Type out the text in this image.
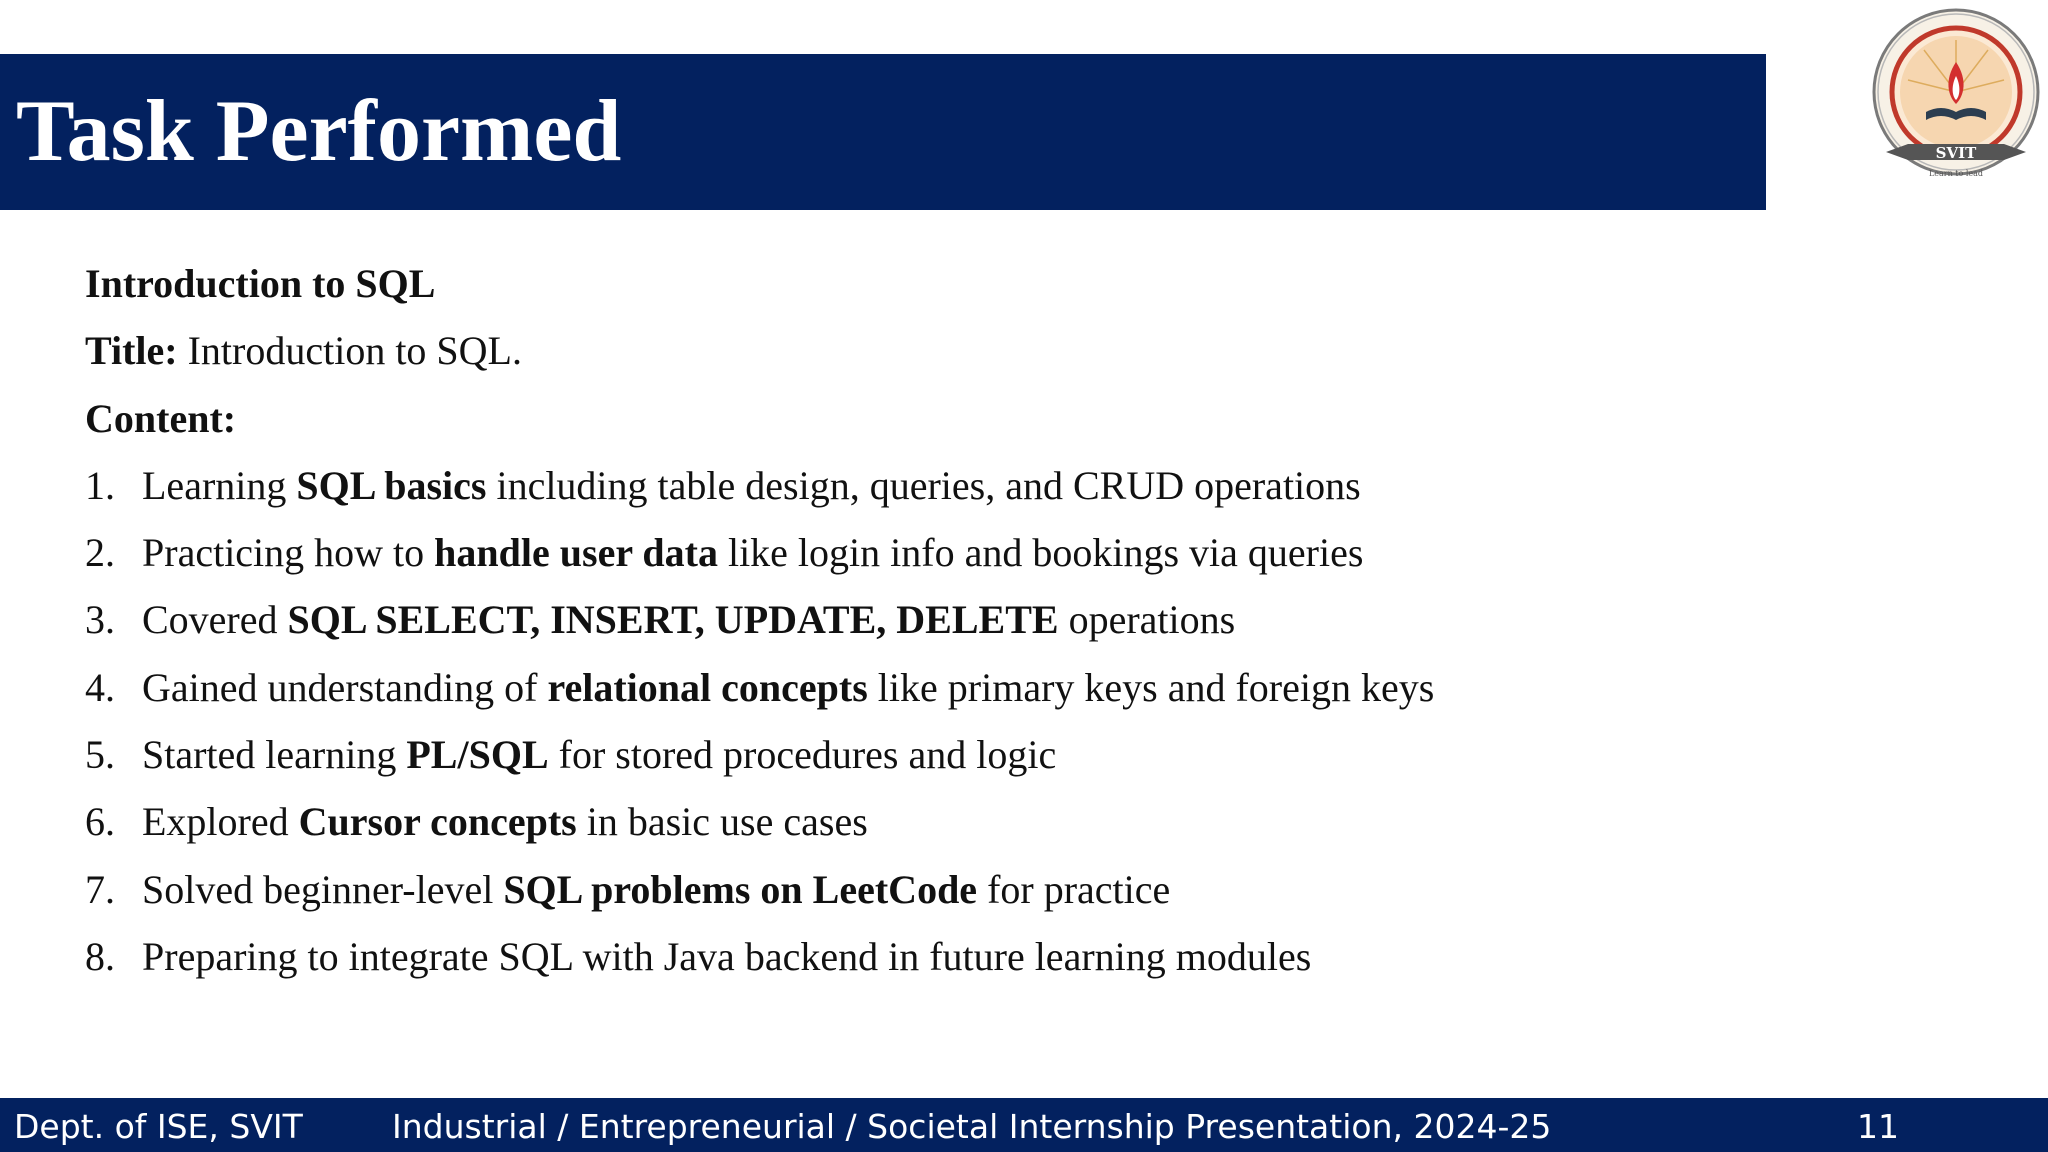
Task Performed	SVIT
Learn to lead
Introduction to SQL
Title: Introduction to SQL.
Content:
1. Learning SQL basics including table design, queries, and CRUD operations
2. Practicing how to handle user data like login info and bookings via queries
3. Covered SQL SELECT, INSERT, UPDATE, DELETE operations
4. Gained understanding of relational concepts like primary keys and foreign keys
5. Started learning PL/SQL for stored procedures and logic
6. Explored Cursor concepts in basic use cases
7. Solved beginner-level SQL problems on LeetCode for practice
8. Preparing to integrate SQL with Java backend in future learning modules
Dept. of ISE, SVIT	Industrial / Entrepreneurial / Societal Internship Presentation, 2024-25	11
